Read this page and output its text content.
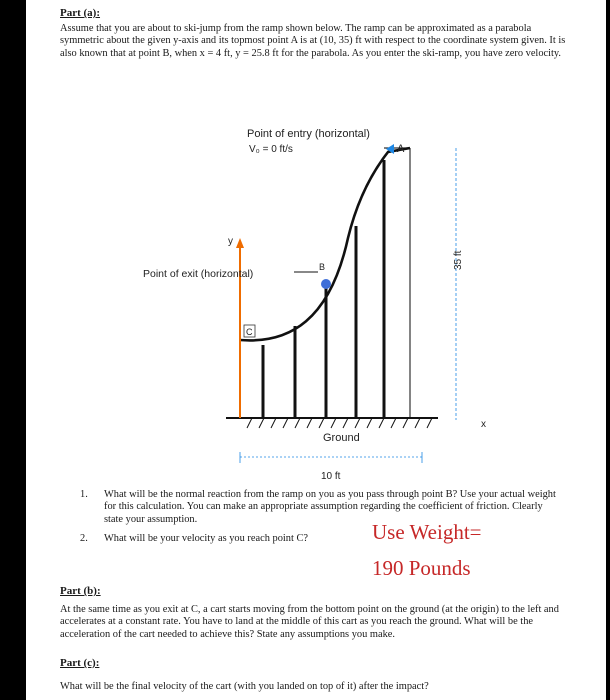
Part (a):
Assume that you are about to ski-jump from the ramp shown below. The ramp can be approximated as a parabola symmetric about the given y-axis and its topmost point A is at (10, 35) ft with respect to the coordinate system given. It is also known that at point B, when x = 4 ft, y = 25.8 ft for the parabola. As you enter the ski-ramp, you have zero velocity.
y
x
B
A
C
35 ft
10 ft
Point of entry (horizontal)
V₀ = 0 ft/s
Point of exit (horizontal)
Ground
1. What will be the normal reaction from the ramp on you as you pass through point B? Use your actual weight for this calculation. You can make an appropriate assumption regarding the coefficient of friction. Clearly state your assumption.
2. What will be your velocity as you reach point C?	Use Weight=
190 Pounds
Part (b):
At the same time as you exit at C, a cart starts moving from the bottom point on the ground (at the origin) to the left and accelerates at a constant rate. You have to land at the middle of this cart as you reach the ground. What will be the acceleration of the cart needed to achieve this? State any assumptions you make.
Part (c):
What will be the final velocity of the cart (with you landed on top of it) after the impact?
